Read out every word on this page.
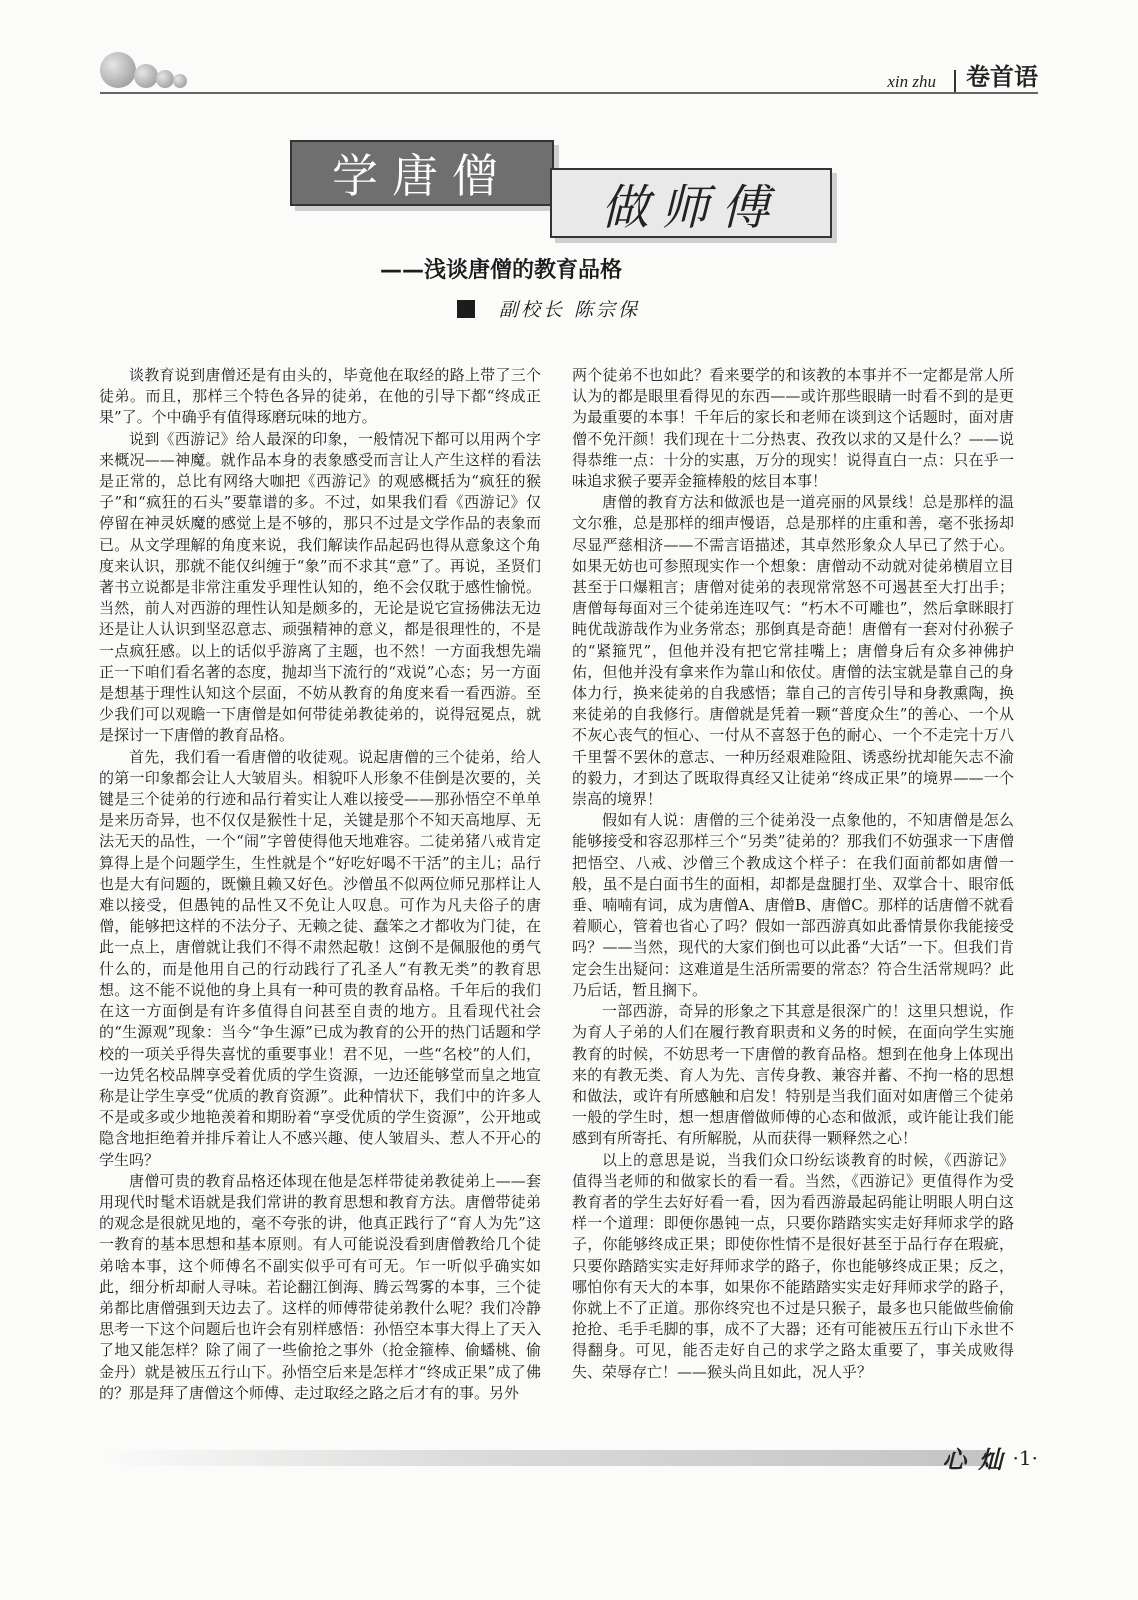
xin zhu	卷首语
学唐僧
做师傅
——浅谈唐僧的教育品格
副校长 陈宗保

谈教育说到唐僧还是有由头的，毕竟他在取经的路上带了三个徒弟。而且，那样三个特色各异的徒弟，在他的引导下都“终成正果”了。个中确乎有值得琢磨玩味的地方。

说到《西游记》给人最深的印象，一般情况下都可以用两个字来概况——神魔。就作品本身的表象感受而言让人产生这样的看法是正常的，总比有网络大咖把《西游记》的观感概括为“疯狂的猴子”和“疯狂的石头”要靠谱的多。不过，如果我们看《西游记》仅停留在神灵妖魔的感觉上是不够的，那只不过是文学作品的表象而已。从文学理解的角度来说，我们解读作品起码也得从意象这个角度来认识，那就不能仅纠缠于“象”而不求其“意”了。再说，圣贤们著书立说都是非常注重发乎理性认知的，绝不会仅耽于感性愉悦。当然，前人对西游的理性认知是颇多的，无论是说它宣扬佛法无边还是让人认识到坚忍意志、顽强精神的意义，都是很理性的，不是一点疯狂感。以上的话似乎游离了主题，也不然！一方面我想先端正一下咱们看名著的态度，抛却当下流行的“戏说”心态；另一方面是想基于理性认知这个层面，不妨从教育的角度来看一看西游。至少我们可以观瞻一下唐僧是如何带徒弟教徒弟的，说得冠冕点，就是探讨一下唐僧的教育品格。

首先，我们看一看唐僧的收徒观。说起唐僧的三个徒弟，给人的第一印象都会让人大皱眉头。相貌吓人形象不佳倒是次要的，关键是三个徒弟的行迹和品行着实让人难以接受——那孙悟空不单单是来历奇异，也不仅仅是猴性十足，关键是那个不知天高地厚、无法无天的品性，一个“闹”字曾使得他天地难容。二徒弟猪八戒肯定算得上是个问题学生，生性就是个“好吃好喝不干活”的主儿；品行也是大有问题的，既懒且赖又好色。沙僧虽不似两位师兄那样让人难以接受，但愚钝的品性又不免让人叹息。可作为凡夫俗子的唐僧，能够把这样的不法分子、无赖之徒、蠢笨之才都收为门徒，在此一点上，唐僧就让我们不得不肃然起敬！这倒不是佩服他的勇气什么的，而是他用自己的行动践行了孔圣人“有教无类”的教育思想。这不能不说他的身上具有一种可贵的教育品格。千年后的我们在这一方面倒是有许多值得自问甚至自责的地方。且看现代社会的“生源观”现象：当今“争生源”已成为教育的公开的热门话题和学校的一项关乎得失喜忧的重要事业！君不见，一些“名校”的人们，一边凭名校品牌享受着优质的学生资源，一边还能够堂而皇之地宣称是让学生享受“优质的教育资源”。此种情状下，我们中的许多人不是或多或少地艳羡着和期盼着“享受优质的学生资源”，公开地或隐含地拒绝着并排斥着让人不感兴趣、使人皱眉头、惹人不开心的学生吗？

唐僧可贵的教育品格还体现在他是怎样带徒弟教徒弟上——套用现代时髦术语就是我们常讲的教育思想和教育方法。唐僧带徒弟的观念是很就见地的，毫不夸张的讲，他真正践行了“育人为先”这一教育的基本思想和基本原则。有人可能说没看到唐僧教给几个徒弟啥本事，这个师傅名不副实似乎可有可无。乍一听似乎确实如此，细分析却耐人寻味。若论翻江倒海、腾云驾雾的本事，三个徒弟都比唐僧强到天边去了。这样的师傅带徒弟教什么呢？我们冷静思考一下这个问题后也许会有别样感悟：孙悟空本事大得上了天入了地又能怎样？除了闹了一些偷抢之事外（抢金箍棒、偷蟠桃、偷金丹）就是被压五行山下。孙悟空后来是怎样才“终成正果”成了佛的？那是拜了唐僧这个师傅、走过取经之路之后才有的事。另外

两个徒弟不也如此？看来要学的和该教的本事并不一定都是常人所认为的都是眼里看得见的东西——或许那些眼睛一时看不到的是更为最重要的本事！千年后的家长和老师在谈到这个话题时，面对唐僧不免汗颜！我们现在十二分热衷、孜孜以求的又是什么？——说得恭维一点：十分的实惠，万分的现实！说得直白一点：只在乎一味追求猴子要弄金箍棒般的炫目本事！

唐僧的教育方法和做派也是一道亮丽的风景线！总是那样的温文尔雅，总是那样的细声慢语，总是那样的庄重和善，毫不张扬却尽显严慈相济——不需言语描述，其卓然形象众人早已了然于心。如果无妨也可参照现实作一个想象：唐僧动不动就对徒弟横眉立目甚至于口爆粗言；唐僧对徒弟的表现常常怒不可遏甚至大打出手；唐僧每每面对三个徒弟连连叹气：“朽木不可雕也”，然后拿眯眼打盹优哉游哉作为业务常态；那倒真是奇葩！唐僧有一套对付孙猴子的“紧箍咒”，但他并没有把它常挂嘴上；唐僧身后有众多神佛护佑，但他并没有拿来作为靠山和依仗。唐僧的法宝就是靠自己的身体力行，换来徒弟的自我感悟；靠自己的言传引导和身教熏陶，换来徒弟的自我修行。唐僧就是凭着一颗“普度众生”的善心、一个从不灰心丧气的恒心、一付从不喜怒于色的耐心、一个不走完十万八千里誓不罢休的意志、一种历经艰难险阻、诱惑纷扰却能矢志不渝的毅力，才到达了既取得真经又让徒弟“终成正果”的境界——一个崇高的境界！

假如有人说：唐僧的三个徒弟没一点象他的，不知唐僧是怎么能够接受和容忍那样三个“另类”徒弟的？那我们不妨强求一下唐僧把悟空、八戒、沙僧三个教成这个样子：在我们面前都如唐僧一般，虽不是白面书生的面相，却都是盘腿打坐、双掌合十、眼帘低垂、喃喃有词，成为唐僧A、唐僧B、唐僧C。那样的话唐僧不就看着顺心，管着也省心了吗？假如一部西游真如此番情景你我能接受吗？——当然，现代的大家们倒也可以此番“大话”一下。但我们肯定会生出疑问：这难道是生活所需要的常态？符合生活常规吗？此乃后话，暂且搁下。

一部西游，奇异的形象之下其意是很深广的！这里只想说，作为育人子弟的人们在履行教育职责和义务的时候，在面向学生实施教育的时候，不妨思考一下唐僧的教育品格。想到在他身上体现出来的有教无类、育人为先、言传身教、兼容并蓄、不拘一格的思想和做法，或许有所感触和启发！特别是当我们面对如唐僧三个徒弟一般的学生时，想一想唐僧做师傅的心态和做派，或许能让我们能感到有所寄托、有所解脱，从而获得一颗释然之心！

以上的意思是说，当我们众口纷纭谈教育的时候，《西游记》值得当老师的和做家长的看一看。当然，《西游记》更值得作为受教育者的学生去好好看一看，因为看西游最起码能让明眼人明白这样一个道理：即便你愚钝一点，只要你踏踏实实走好拜师求学的路子，你能够终成正果；即使你性情不是很好甚至于品行存在瑕疵，只要你踏踏实实走好拜师求学的路子，你也能够终成正果；反之，哪怕你有天大的本事，如果你不能踏踏实实走好拜师求学的路子，你就上不了正道。那你终究也不过是只猴子，最多也只能做些偷偷抢抢、毛手毛脚的事，成不了大器；还有可能被压五行山下永世不得翻身。可见，能否走好自己的求学之路太重要了，事关成败得失、荣辱存亡！——猴头尚且如此，况人乎？

心 灿 ·1·
